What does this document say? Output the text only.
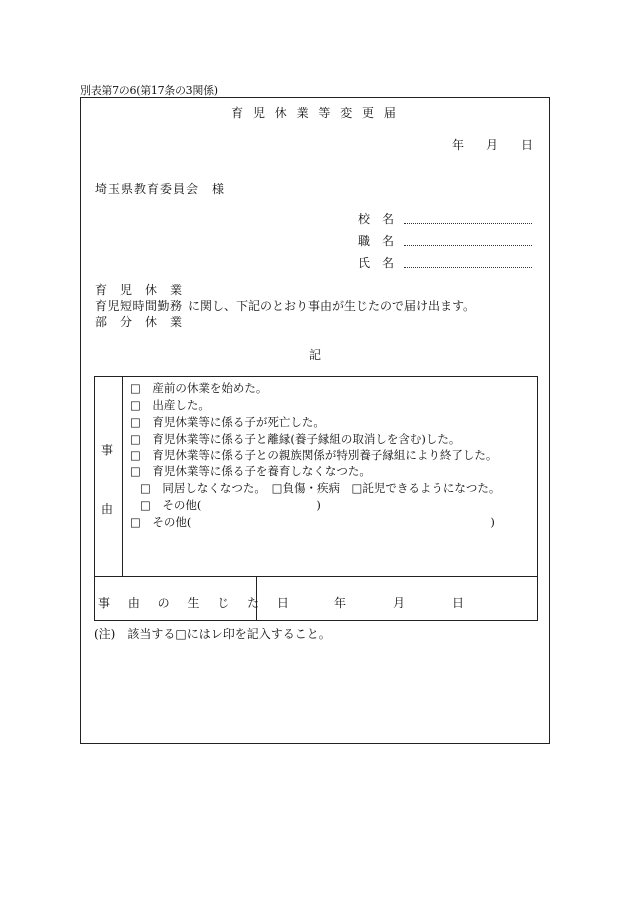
別表第7の6(第17条の3関係)
育 児 休 業 等 変 更 届
年 月 日
埼玉県教育委員会　様
校　名
職　名
氏　名
育　児　休　業
育児短時間勤務
部　分　休　業
に関し、下記のとおり事由が生じたので届け出ます。
記
事
由
□　産前の休業を始めた。
□　出産した。
□　育児休業等に係る子が死亡した。
□　育児休業等に係る子と離縁(養子縁組の取消しを含む)した。
□　育児休業等に係る子との親族関係が特別養子縁組により終了した。
□　育児休業等に係る子を養育しなくなつた。
□　同居しなくなつた。　□負傷・疾病　□託児できるようになつた。
□　その他(　　　　　　　　　　)
□　その他(　　　　　　　　　　　　　　　　　　　　　　　　　　)
事 由 の 生 じ た 日	年	月	日
(注)　該当する□にはレ印を記入すること。
